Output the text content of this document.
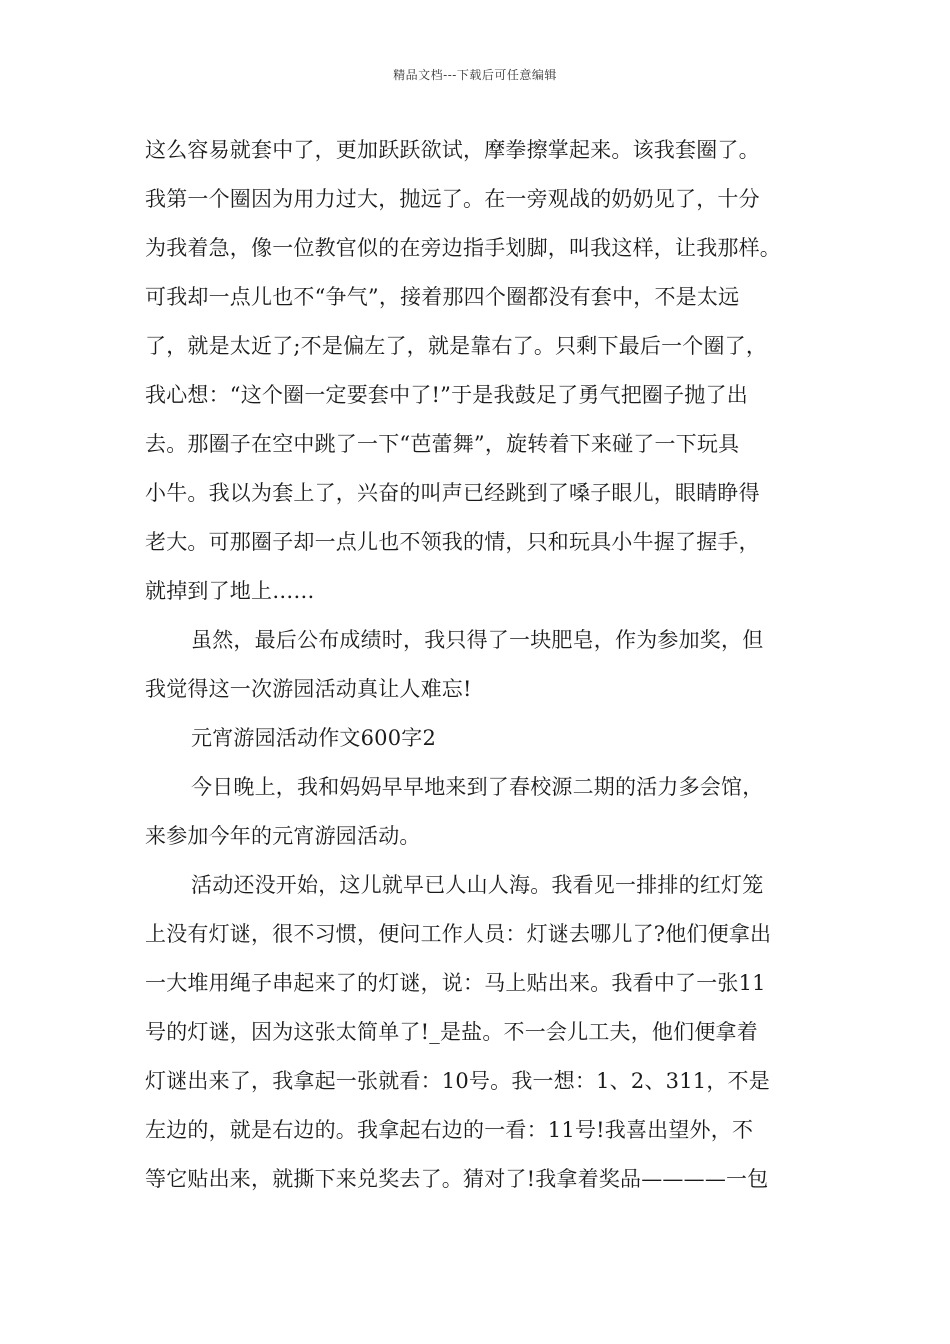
精品文档---下载后可任意编辑
这么容易就套中了，更加跃跃欲试，摩拳擦掌起来。该我套圈了。
我第一个圈因为用力过大，抛远了。在一旁观战的奶奶见了，十分
为我着急，像一位教官似的在旁边指手划脚，叫我这样，让我那样。
可我却一点儿也不“争气”，接着那四个圈都没有套中，不是太远
了，就是太近了;不是偏左了，就是靠右了。只剩下最后一个圈了，
我心想：“这个圈一定要套中了!”于是我鼓足了勇气把圈子抛了出
去。那圈子在空中跳了一下“芭蕾舞”，旋转着下来碰了一下玩具
小牛。我以为套上了，兴奋的叫声已经跳到了嗓子眼儿，眼睛睁得
老大。可那圈子却一点儿也不领我的情，只和玩具小牛握了握手，
就掉到了地上……
虽然，最后公布成绩时，我只得了一块肥皂，作为参加奖，但
我觉得这一次游园活动真让人难忘!
元宵游园活动作文600字2
今日晚上，我和妈妈早早地来到了春校源二期的活力多会馆，
来参加今年的元宵游园活动。
活动还没开始，这儿就早已人山人海。我看见一排排的红灯笼
上没有灯谜，很不习惯，便问工作人员：灯谜去哪儿了?他们便拿出
一大堆用绳子串起来了的灯谜，说：马上贴出来。我看中了一张11
号的灯谜，因为这张太简单了!_是盐。不一会儿工夫，他们便拿着
灯谜出来了，我拿起一张就看：10号。我一想：1、2、311，不是
左边的，就是右边的。我拿起右边的一看：11号!我喜出望外，不
等它贴出来，就撕下来兑奖去了。猜对了!我拿着奖品————一包
